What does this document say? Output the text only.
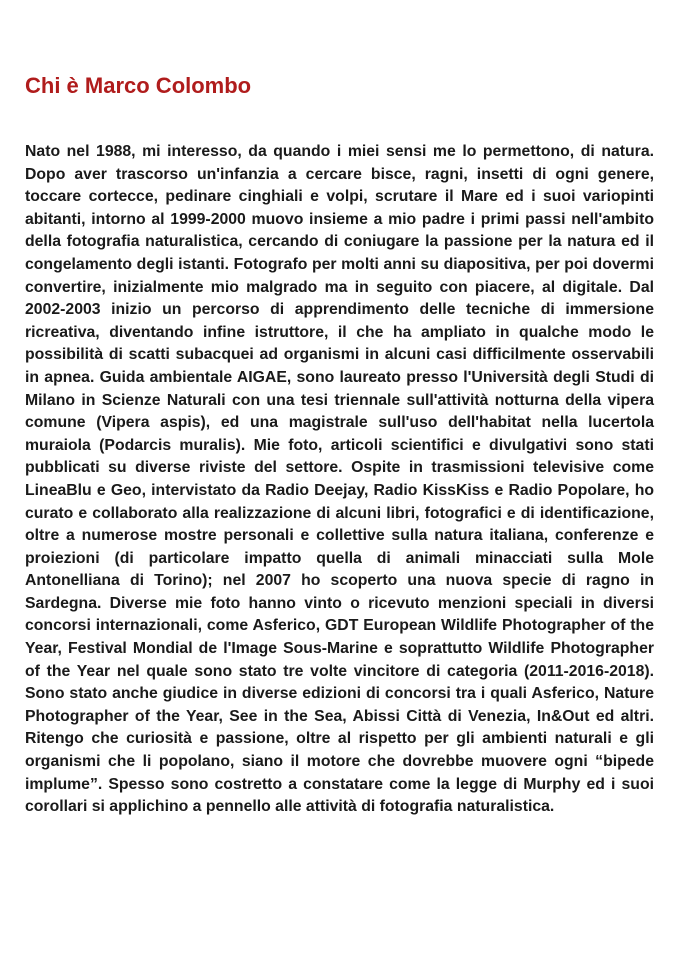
Chi è Marco Colombo

Nato nel 1988, mi interesso, da quando i miei sensi me lo permettono, di natura. Dopo aver trascorso un'infanzia a cercare bisce, ragni, insetti di ogni genere, toccare cortecce, pedinare cinghiali e volpi, scrutare il Mare ed i suoi variopinti abitanti, intorno al 1999-2000 muovo insieme a mio padre i primi passi nell'ambito della fotografia naturalistica, cercando di coniugare la passione per la natura ed il congelamento degli istanti. Fotografo per molti anni su diapositiva, per poi dovermi convertire, inizialmente mio malgrado ma in seguito con piacere, al digitale. Dal 2002-2003 inizio un percorso di apprendimento delle tecniche di immersione ricreativa, diventando infine istruttore, il che ha ampliato in qualche modo le possibilità di scatti subacquei ad organismi in alcuni casi difficilmente osservabili in apnea. Guida ambientale AIGAE, sono laureato presso l'Università degli Studi di Milano in Scienze Naturali con una tesi triennale sull'attività notturna della vipera comune (Vipera aspis), ed una magistrale sull'uso dell'habitat nella lucertola muraiola (Podarcis muralis). Mie foto, articoli scientifici e divulgativi sono stati pubblicati su diverse riviste del settore. Ospite in trasmissioni televisive come LineaBlu e Geo, intervistato da Radio Deejay, Radio KissKiss e Radio Popolare, ho curato e collaborato alla realizzazione di alcuni libri, fotografici e di identificazione, oltre a numerose mostre personali e collettive sulla natura italiana, conferenze e proiezioni (di particolare impatto quella di animali minacciati sulla Mole Antonelliana di Torino); nel 2007 ho scoperto una nuova specie di ragno in Sardegna. Diverse mie foto hanno vinto o ricevuto menzioni speciali in diversi concorsi internazionali, come Asferico, GDT European Wildlife Photographer of the Year, Festival Mondial de l'Image Sous-Marine e soprattutto Wildlife Photographer of the Year nel quale sono stato tre volte vincitore di categoria (2011-2016-2018). Sono stato anche giudice in diverse edizioni di concorsi tra i quali Asferico, Nature Photographer of the Year, See in the Sea, Abissi Città di Venezia, In&Out ed altri. Ritengo che curiosità e passione, oltre al rispetto per gli ambienti naturali e gli organismi che li popolano, siano il motore che dovrebbe muovere ogni “bipede implume”. Spesso sono costretto a constatare come la legge di Murphy ed i suoi corollari si applichino a pennello alle attività di fotografia naturalistica.
